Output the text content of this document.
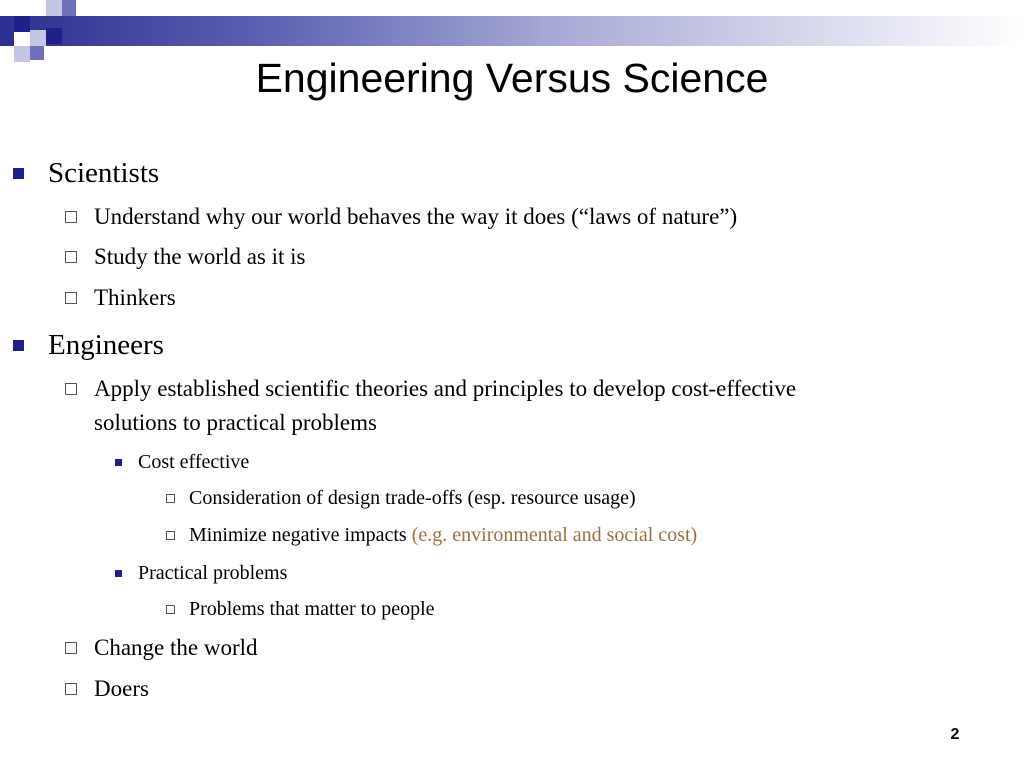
Engineering Versus Science
Scientists
Understand why our world behaves the way it does (“laws of nature”)
Study the world as it is
Thinkers
Engineers
Apply established scientific theories and principles to develop cost-effective
solutions to practical problems
Cost effective
Consideration of design trade-offs (esp. resource usage)
Minimize negative impacts (e.g. environmental and social cost)
Practical problems
Problems that matter to people
Change the world
Doers
2
